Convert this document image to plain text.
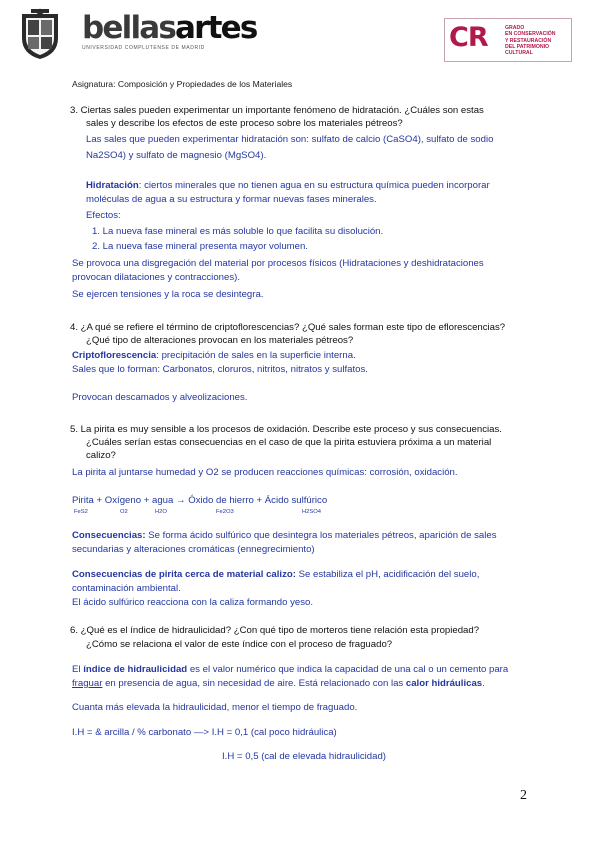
bellasartes
UNIVERSIDAD COMPLUTENSE DE MADRID	CR	GRADO
EN CONSERVACIÓN
Y RESTAURACIÓN
DEL PATRIMONIO
CULTURAL
Asignatura: Composición y Propiedades de los Materiales
3. Ciertas sales pueden experimentar un importante fenómeno de hidratación. ¿Cuáles son estas
sales y describe los efectos de este proceso sobre los materiales pétreos?
Las sales que pueden experimentar hidratación son: sulfato de calcio (CaSO4), sulfato de sodio
Na2SO4) y sulfato de magnesio (MgSO4).
Hidratación: ciertos minerales que no tienen agua en su estructura química pueden incorporar
moléculas de agua a su estructura y formar nuevas fases minerales.
Efectos:
1. La nueva fase mineral es más soluble lo que facilita su disolución.
2. La nueva fase mineral presenta mayor volumen.
Se provoca una disgregación del material por procesos físicos (Hidrataciones y deshidrataciones
provocan dilataciones y contracciones).
Se ejercen tensiones y la roca se desintegra.
4. ¿A qué se refiere el término de criptoflorescencias? ¿Qué sales forman este tipo de eflorescencias?
¿Qué tipo de alteraciones provocan en los materiales pétreos?
Criptoflorescencia: precipitación de sales en la superficie interna.
Sales que lo forman: Carbonatos, cloruros, nitritos, nitratos y sulfatos.
Provocan descamados y alveolizaciones.
5. La pirita es muy sensible a los procesos de oxidación. Describe este proceso y sus consecuencias.
¿Cuáles serían estas consecuencias en el caso de que la pirita estuviera próxima a un material
calizo?
La pirita al juntarse humedad y O2 se producen reacciones químicas: corrosión, oxidación.
Pirita + Oxígeno + agua → Óxido de hierro + Ácido sulfúrico
FeS2	O2	H2O	Fe2O3	H2SO4
Consecuencias: Se forma ácido sulfúrico que desintegra los materiales pétreos, aparición de sales
secundarias y alteraciones cromáticas (ennegrecimiento)
Consecuencias de pirita cerca de material calizo: Se estabiliza el pH, acidificación del suelo,
contaminación ambiental.
El ácido sulfúrico reacciona con la caliza formando yeso.
6. ¿Qué es el índice de hidraulicidad? ¿Con qué tipo de morteros tiene relación esta propiedad?
¿Cómo se relaciona el valor de este índice con el proceso de fraguado?
El índice de hidraulicidad es el valor numérico que indica la capacidad de una cal o un cemento para
fraguar en presencia de agua, sin necesidad de aire. Está relacionado con las calor hidráulicas.
Cuanta más elevada la hidraulicidad, menor el tiempo de fraguado.
I.H = & arcilla / % carbonato —> I.H = 0,1 (cal poco hidráulica)
I.H = 0,5 (cal de elevada hidraulicidad)
2
